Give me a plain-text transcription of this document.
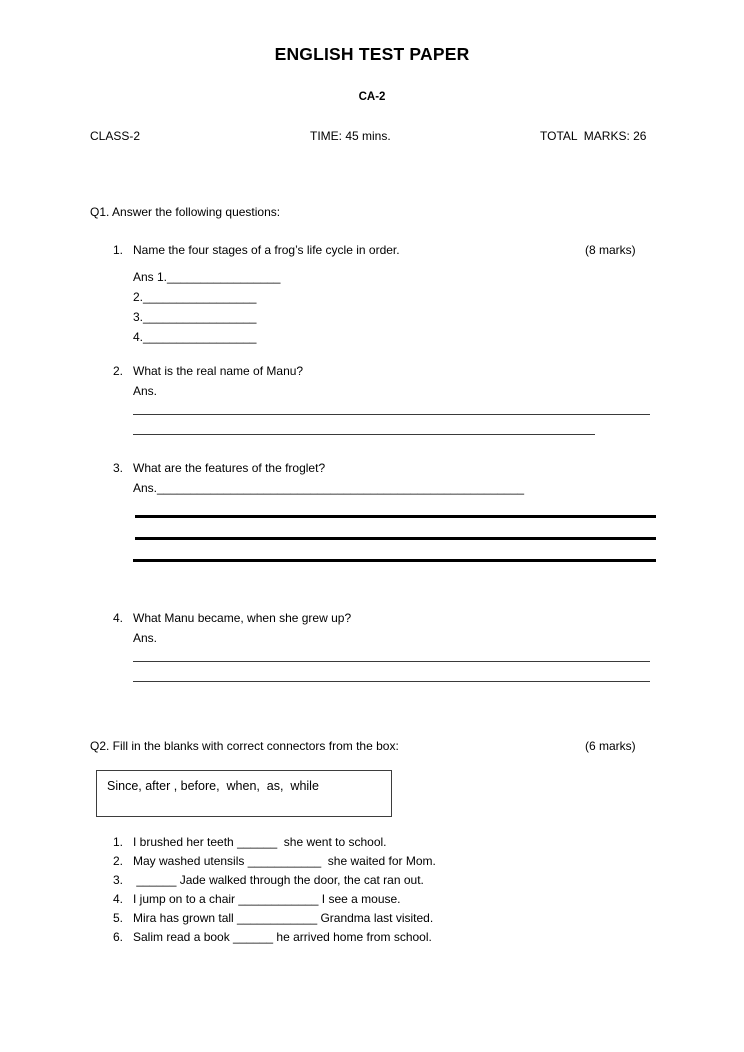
ENGLISH TEST PAPER
CA-2
CLASS-2	TIME: 45 mins.	TOTAL  MARKS: 26
Q1. Answer the following questions:
1. Name the four stages of a frog’s life cycle in order.	(8 marks)
Ans 1._________________
2._________________
3._________________
4._________________
2. What is the real name of Manu?
Ans.
3. What are the features of the froglet?
Ans._______________________________________________________
4. What Manu became, when she grew up?
Ans.
Q2. Fill in the blanks with correct connectors from the box:	(6 marks)
Since, after , before,  when,  as,  while
1. I brushed her teeth ______  she went to school.
2. May washed utensils ___________  she waited for Mom.
3. ______ Jade walked through the door, the cat ran out.
4. I jump on to a chair ____________ I see a mouse.
5. Mira has grown tall ____________ Grandma last visited.
6. Salim read a book ______ he arrived home from school.
